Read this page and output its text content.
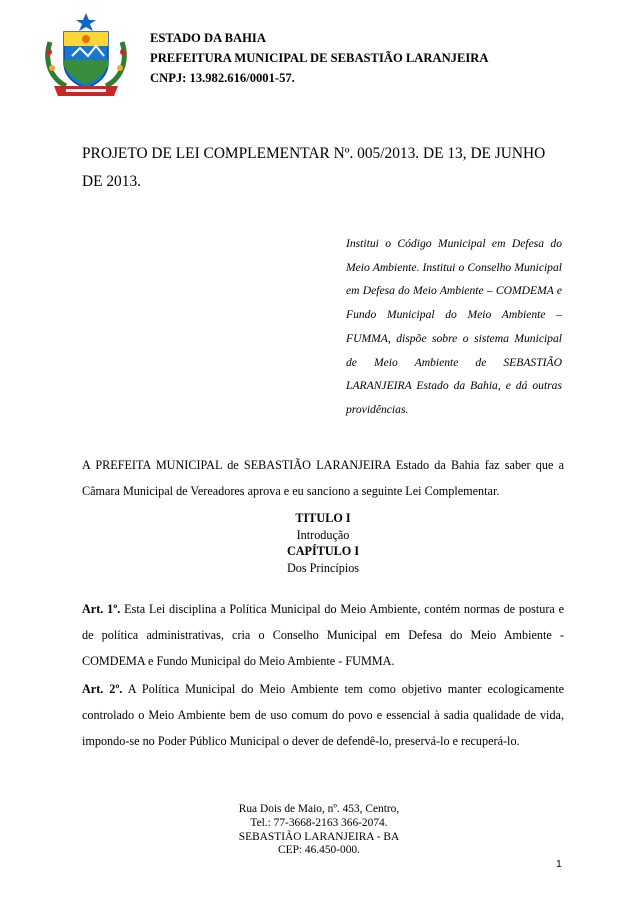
ESTADO DA BAHIA
PREFEITURA MUNICIPAL DE SEBASTIÃO LARANJEIRA
CNPJ: 13.982.616/0001-57.
PROJETO DE LEI COMPLEMENTAR Nº. 005/2013. DE 13, DE JUNHO DE 2013.
Institui o Código Municipal em Defesa do Meio Ambiente. Institui o Conselho Municipal em Defesa do Meio Ambiente – COMDEMA e Fundo Municipal do Meio Ambiente – FUMMA, dispõe sobre o sistema Municipal de Meio Ambiente de SEBASTIÃO LARANJEIRA Estado da Bahia, e dá outras providências.
A PREFEITA MUNICIPAL de SEBASTIÃO LARANJEIRA Estado da Bahia faz saber que a Câmara Municipal de Vereadores aprova e eu sanciono a seguinte Lei Complementar.
TITULO I
Introdução
CAPÍTULO I
Dos Princípios
Art. 1º. Esta Lei disciplina a Política Municipal do Meio Ambiente, contém normas de postura e de política administrativas, cria o Conselho Municipal em Defesa do Meio Ambiente - COMDEMA e Fundo Municipal do Meio Ambiente - FUMMA.
Art. 2º. A Política Municipal do Meio Ambiente tem como objetivo manter ecologicamente controlado o Meio Ambiente bem de uso comum do povo e essencial à sadia qualidade de vida, impondo-se no Poder Público Municipal o dever de defendê-lo, preservá-lo e recuperá-lo.
Rua Dois de Maio, nº. 453, Centro,
Tel.: 77-3668-2163 366-2074.
SEBASTIÃO LARANJEIRA - BA
CEP: 46.450-000.
1
